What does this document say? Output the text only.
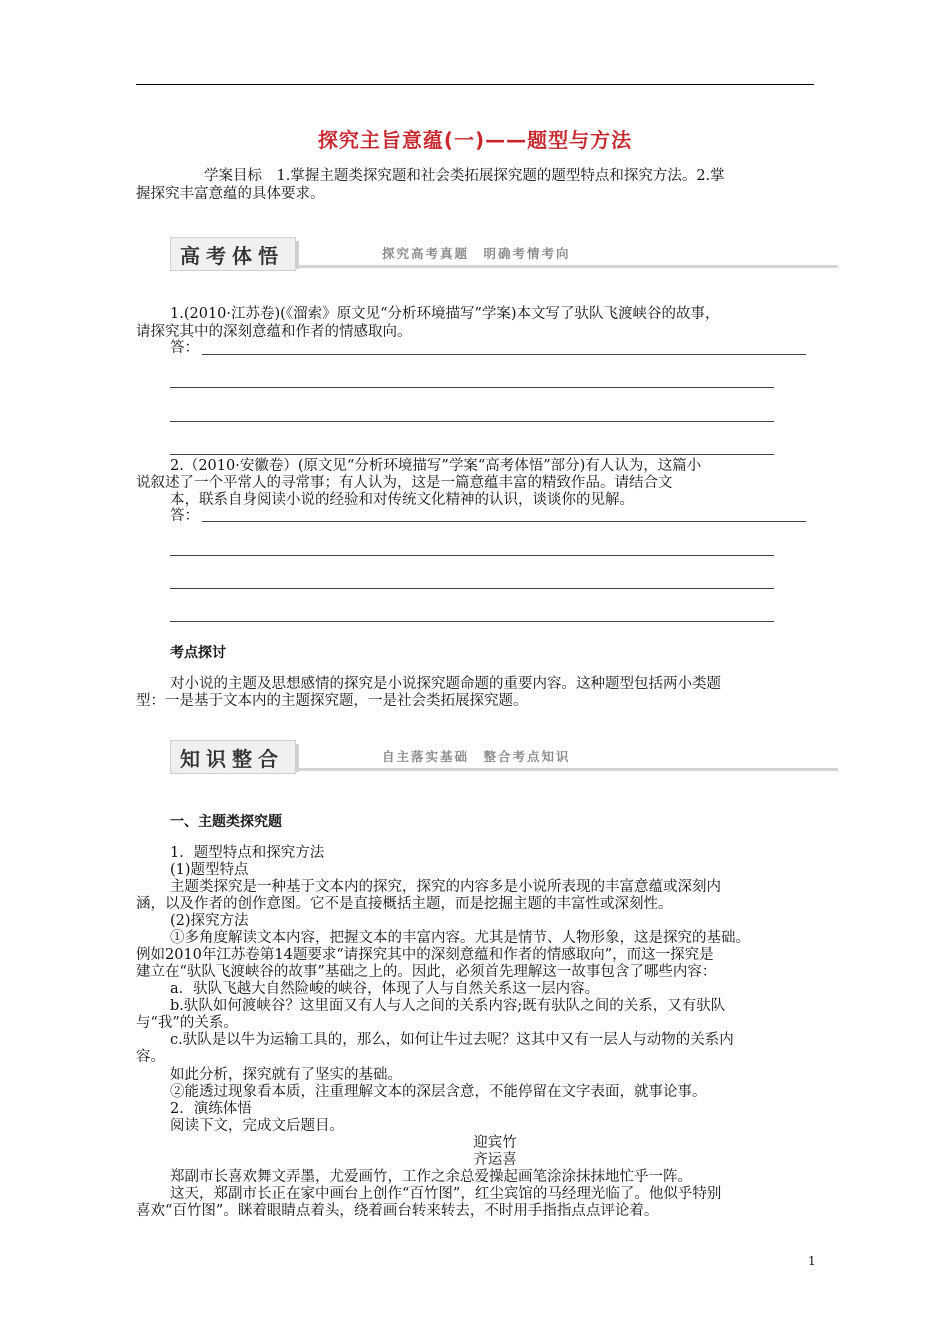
探究主旨意蕴(一)——题型与方法
学案目标　1.掌握主题类探究题和社会类拓展探究题的题型特点和探究方法。2.掌
握探究丰富意蕴的具体要求。
高考体悟	探究高考真题　明确考情考向
1.(2010·江苏卷)(《溜索》原文见“分析环境描写”学案)本文写了驮队飞渡峡谷的故事，
请探究其中的深刻意蕴和作者的情感取向。
答：
2.（2010·安徽卷）(原文见“分析环境描写”学案“高考体悟”部分)有人认为，这篇小
说叙述了一个平常人的寻常事；有人认为，这是一篇意蕴丰富的精致作品。请结合文
本，联系自身阅读小说的经验和对传统文化精神的认识，谈谈你的见解。
答：
考点探讨
对小说的主题及思想感情的探究是小说探究题命题的重要内容。这种题型包括两小类题
型：一是基于文本内的主题探究题，一是社会类拓展探究题。
知识整合	自主落实基础　整合考点知识
一、主题类探究题
1．题型特点和探究方法
(1)题型特点
主题类探究是一种基于文本内的探究，探究的内容多是小说所表现的丰富意蕴或深刻内
涵，以及作者的创作意图。它不是直接概括主题，而是挖掘主题的丰富性或深刻性。
(2)探究方法
①多角度解读文本内容，把握文本的丰富内容。尤其是情节、人物形象，这是探究的基础。
例如2010年江苏卷第14题要求“请探究其中的深刻意蕴和作者的情感取向”，而这一探究是
建立在“驮队飞渡峡谷的故事”基础之上的。因此，必须首先理解这一故事包含了哪些内容：
a．驮队飞越大自然险峻的峡谷，体现了人与自然关系这一层内容。
b.驮队如何渡峡谷？这里面又有人与人之间的关系内容;既有驮队之间的关系，又有驮队
与“我”的关系。
c.驮队是以牛为运输工具的，那么，如何让牛过去呢？这其中又有一层人与动物的关系内
容。
如此分析，探究就有了坚实的基础。
②能透过现象看本质，注重理解文本的深层含意，不能停留在文字表面，就事论事。
2．演练体悟
阅读下文，完成文后题目。
迎宾竹
齐运喜
郑副市长喜欢舞文弄墨，尤爱画竹，工作之余总爱操起画笔涂涂抹抹地忙乎一阵。
这天，郑副市长正在家中画台上创作“百竹图”，红尘宾馆的马经理光临了。他似乎特别
喜欢“百竹图”。眯着眼睛点着头，绕着画台转来转去，不时用手指指点点评论着。
1
